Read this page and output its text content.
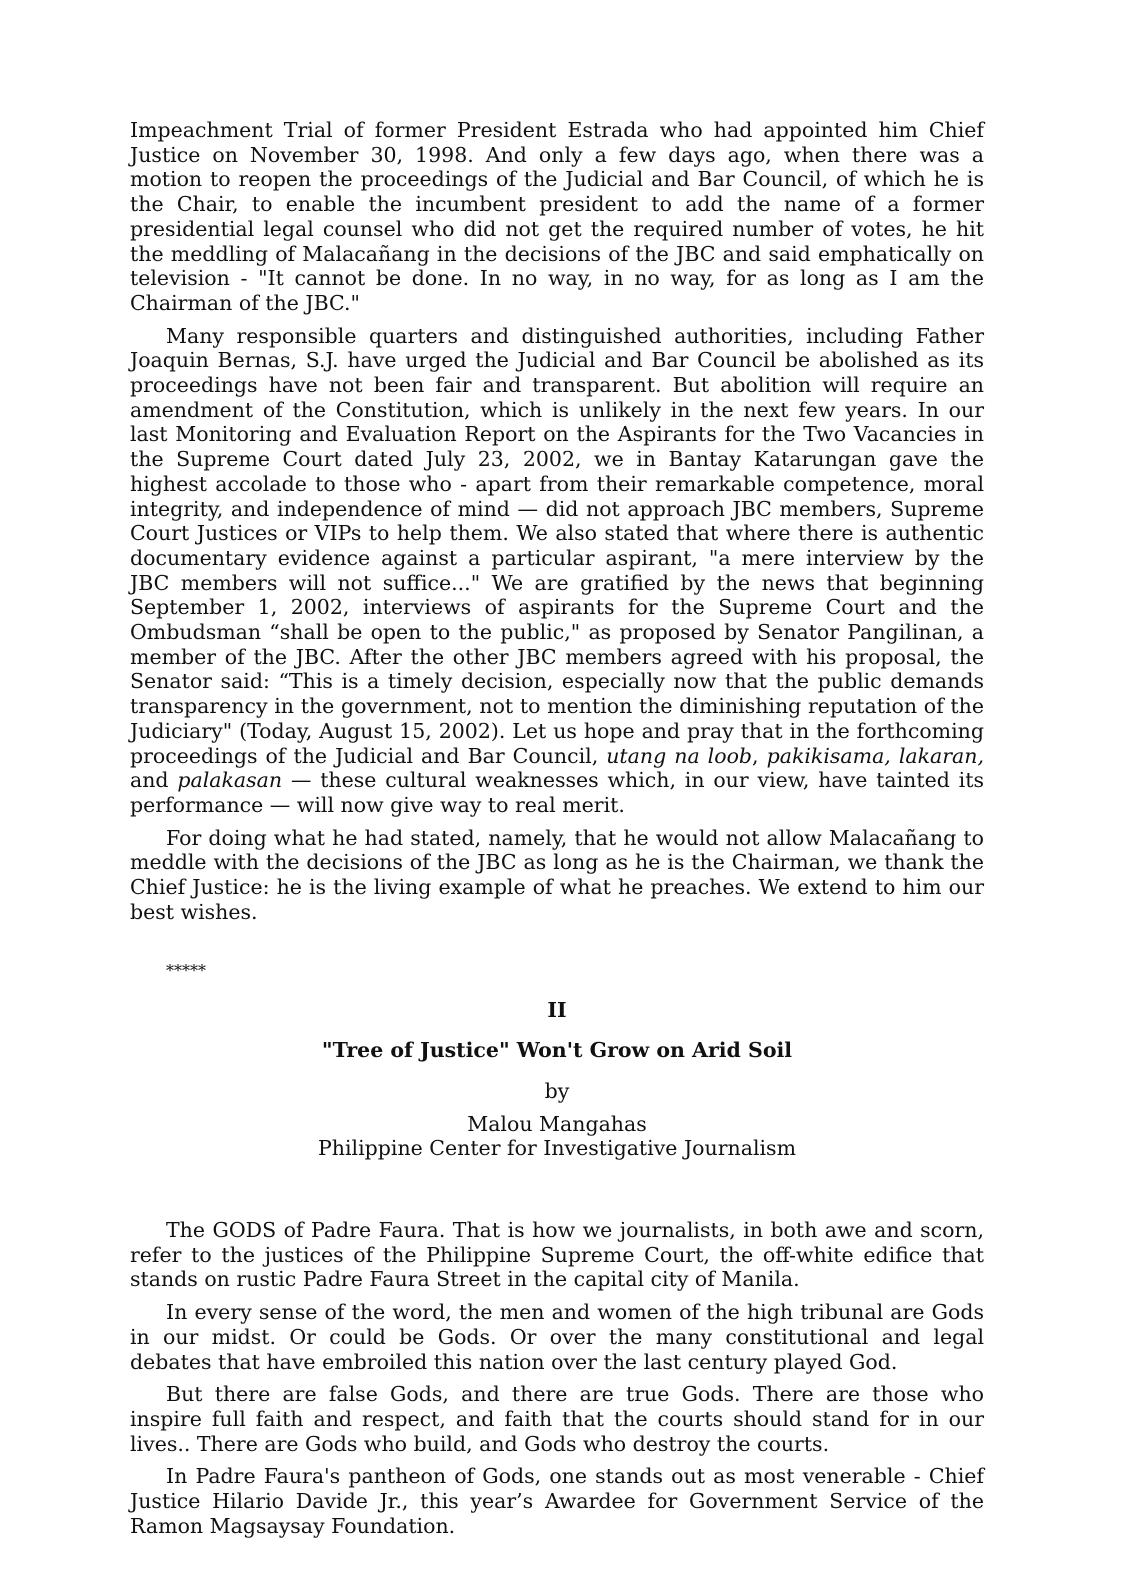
Impeachment Trial of former President Estrada who had appointed him Chief Justice on November 30, 1998. And only a few days ago, when there was a motion to reopen the proceedings of the Judicial and Bar Council, of which he is the Chair, to enable the incumbent president to add the name of a former presidential legal counsel who did not get the required number of votes, he hit the meddling of Malacañang in the decisions of the JBC and said emphatically on television - "It cannot be done. In no way, in no way, for as long as I am the Chairman of the JBC."

Many responsible quarters and distinguished authorities, including Father Joaquin Bernas, S.J. have urged the Judicial and Bar Council be abolished as its proceedings have not been fair and transparent. But abolition will require an amendment of the Constitution, which is unlikely in the next few years. In our last Monitoring and Evaluation Report on the Aspirants for the Two Vacancies in the Supreme Court dated July 23, 2002, we in Bantay Katarungan gave the highest accolade to those who - apart from their remarkable competence, moral integrity, and independence of mind — did not approach JBC members, Supreme Court Justices or VIPs to help them. We also stated that where there is authentic documentary evidence against a particular aspirant, "a mere interview by the JBC members will not suffice..." We are gratified by the news that beginning September 1, 2002, interviews of aspirants for the Supreme Court and the Ombudsman “shall be open to the public," as proposed by Senator Pangilinan, a member of the JBC. After the other JBC members agreed with his proposal, the Senator said: “This is a timely decision, especially now that the public demands transparency in the government, not to mention the diminishing reputation of the Judiciary" (Today, August 15, 2002). Let us hope and pray that in the forthcoming proceedings of the Judicial and Bar Council, utang na loob, pakikisama, lakaran, and palakasan — these cultural weaknesses which, in our view, have tainted its performance — will now give way to real merit.

For doing what he had stated, namely, that he would not allow Malacañang to meddle with the decisions of the JBC as long as he is the Chairman, we thank the Chief Justice: he is the living example of what he preaches. We extend to him our best wishes.

*****
II
"Tree of Justice" Won't Grow on Arid Soil
by
Malou Mangahas
Philippine Center for Investigative Journalism

The GODS of Padre Faura. That is how we journalists, in both awe and scorn, refer to the justices of the Philippine Supreme Court, the off-white edifice that stands on rustic Padre Faura Street in the capital city of Manila.

In every sense of the word, the men and women of the high tribunal are Gods in our midst. Or could be Gods. Or over the many constitutional and legal debates that have embroiled this nation over the last century played God.

But there are false Gods, and there are true Gods. There are those who inspire full faith and respect, and faith that the courts should stand for in our lives.. There are Gods who build, and Gods who destroy the courts.

In Padre Faura's pantheon of Gods, one stands out as most venerable - Chief Justice Hilario Davide Jr., this year’s Awardee for Government Service of the Ramon Magsaysay Foundation.
